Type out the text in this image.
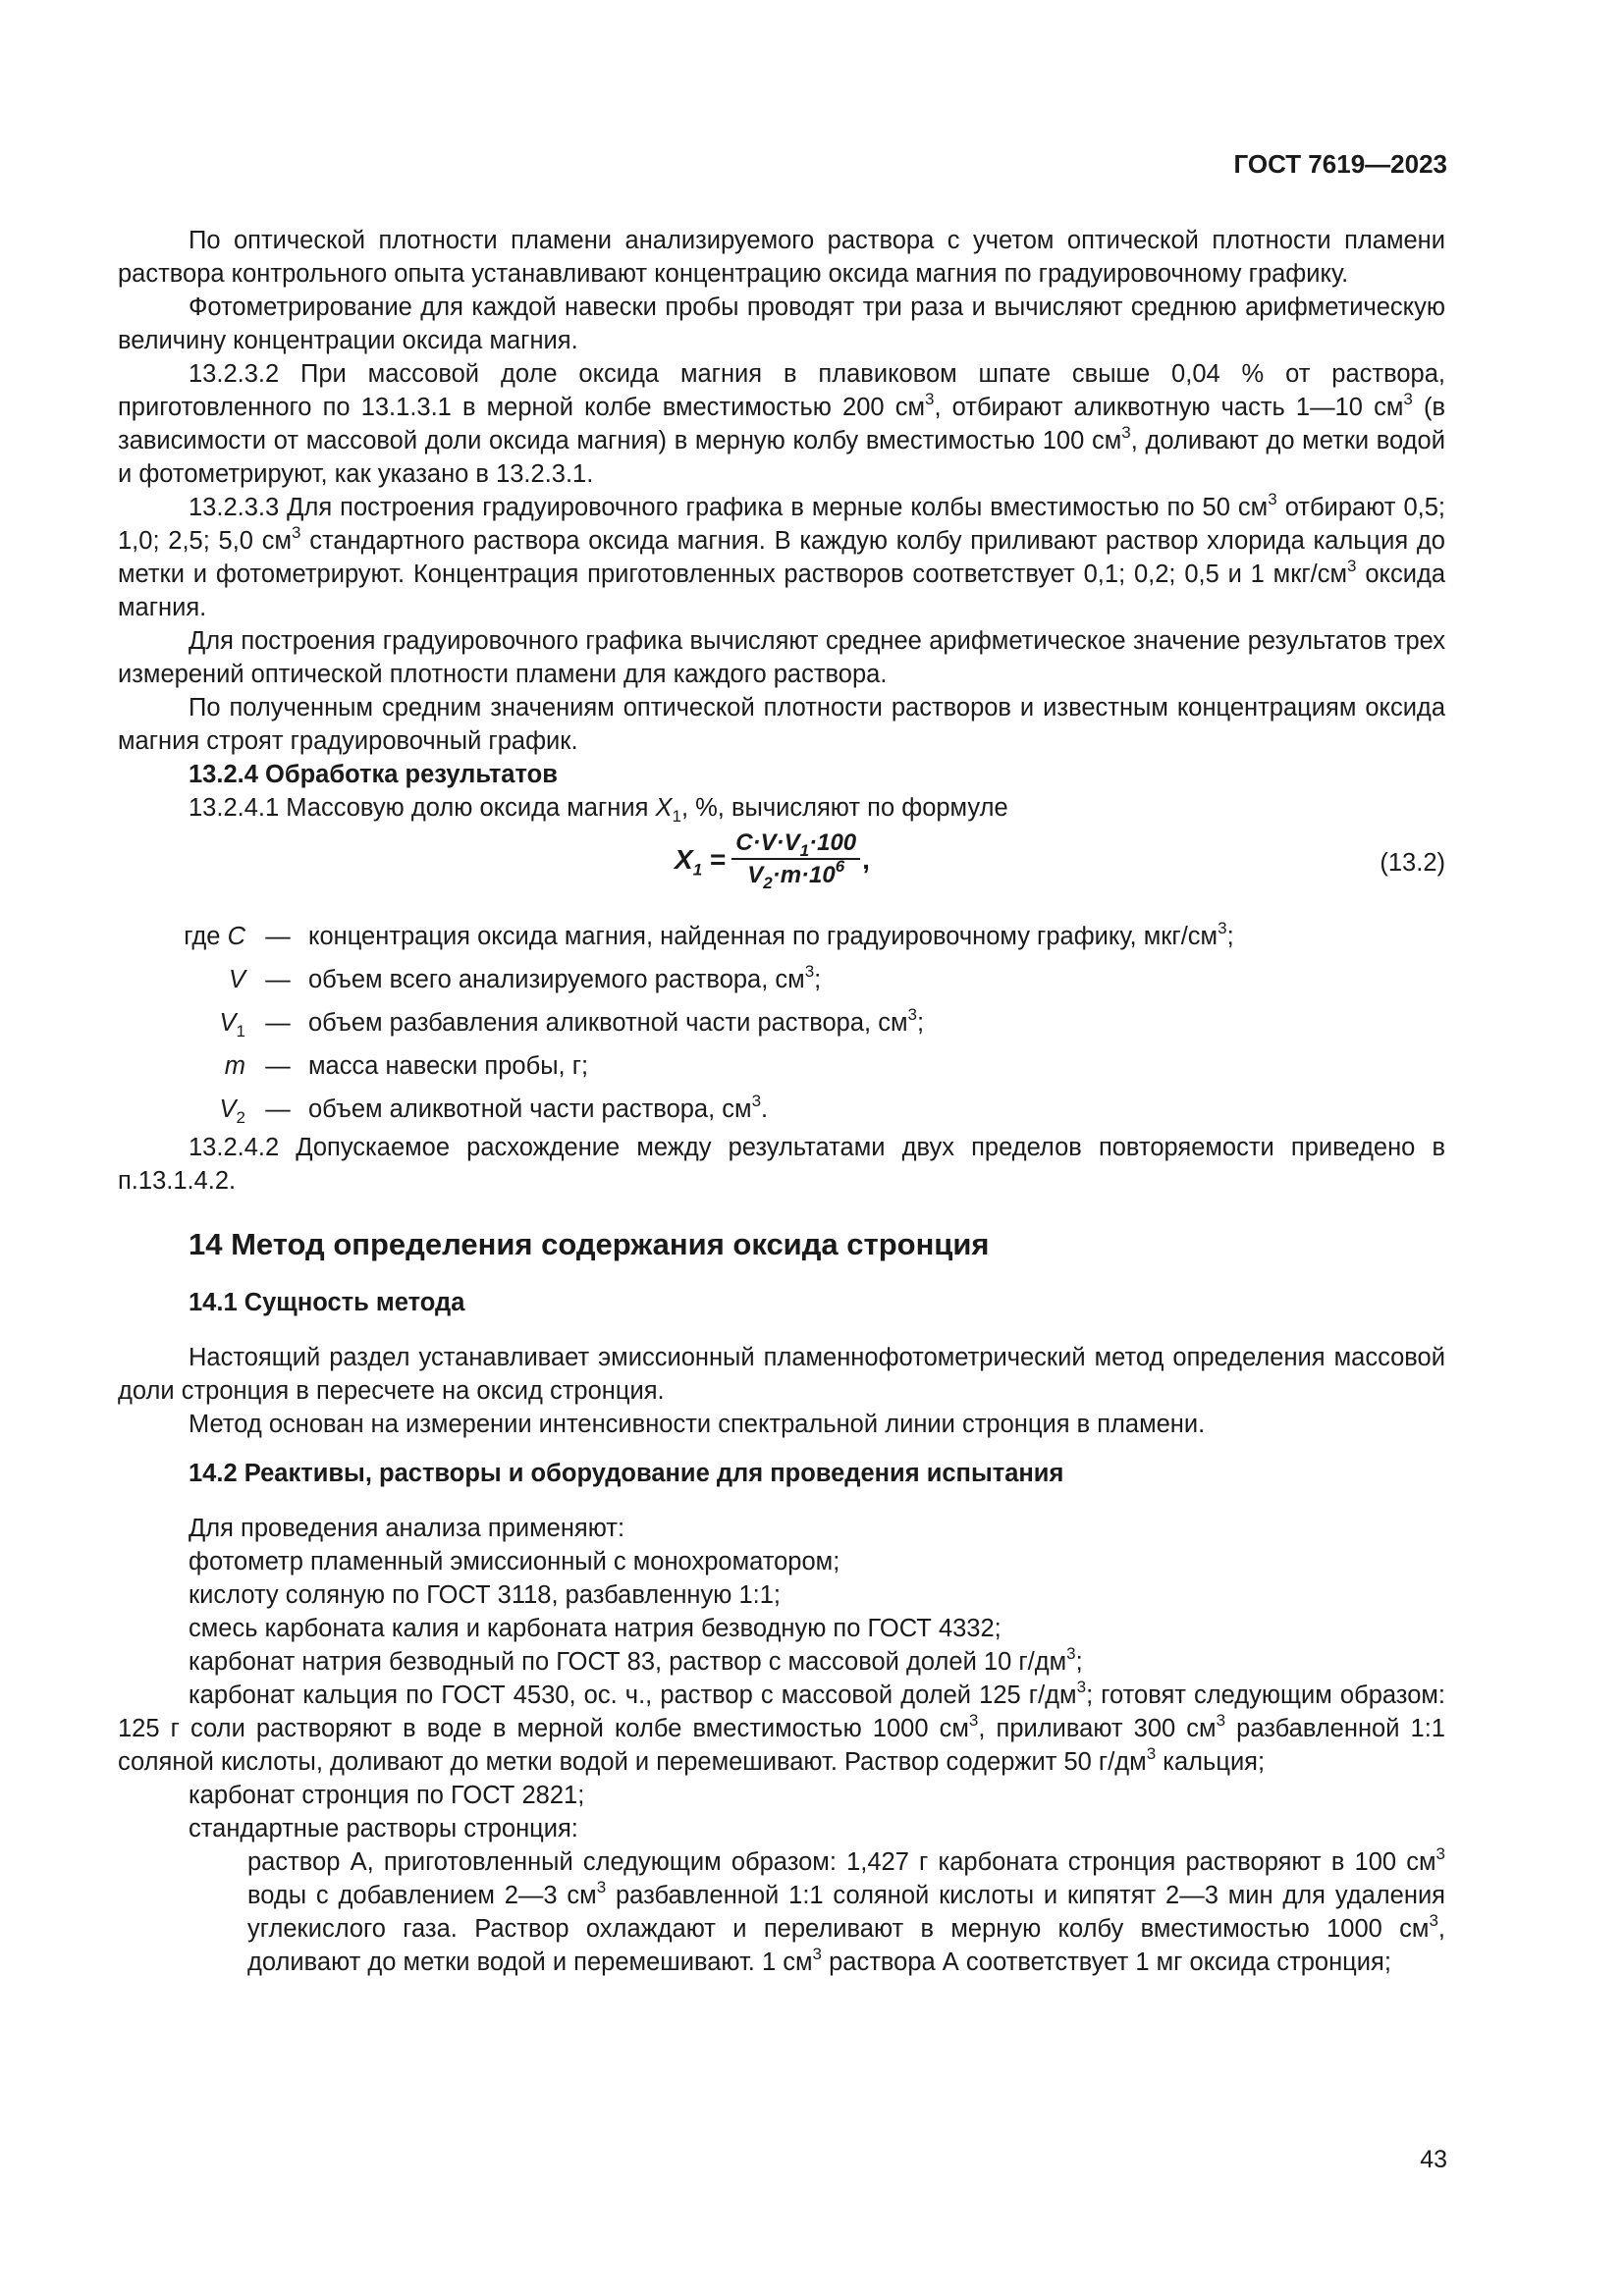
ГОСТ 7619—2023

По оптической плотности пламени анализируемого раствора с учетом оптической плотности пламени раствора контрольного опыта устанавливают концентрацию оксида магния по градуировочному графику.

Фотометрирование для каждой навески пробы проводят три раза и вычисляют среднюю арифметическую величину концентрации оксида магния.

13.2.3.2 При массовой доле оксида магния в плавиковом шпате свыше 0,04 % от раствора, приготовленного по 13.1.3.1 в мерной колбе вместимостью 200 $см^3$, отбирают аликвотную часть 1—10 $см^3$ (в зависимости от массовой доли оксида магния) в мерную колбу вместимостью 100 $см^3$, доливают до метки водой и фотометрируют, как указано в 13.2.3.1.

13.2.3.3 Для построения градуировочного графика в мерные колбы вместимостью по 50 $см^3$ отбирают 0,5; 1,0; 2,5; 5,0 $см^3$ стандартного раствора оксида магния. В каждую колбу приливают раствор хлорида кальция до метки и фотометрируют. Концентрация приготовленных растворов соответствует 0,1; 0,2; 0,5 и 1 мкг/$см^3$ оксида магния.

Для построения градуировочного графика вычисляют среднее арифметическое значение результатов трех измерений оптической плотности пламени для каждого раствора.

По полученным средним значениям оптической плотности растворов и известным концентрациям оксида магния строят градуировочный график.

13.2.4 Обработка результатов

13.2.4.1 Массовую долю оксида магния $X_1$, %, вычисляют по формуле

$X_1 = \frac{C\cdot V\cdot V_1\cdot 100}{V_2\cdot m\cdot 10^6}$ ,	(13.2)
где C — концентрация оксида магния, найденная по градуировочному графику, мкг/$см^3$;
V — объем всего анализируемого раствора, $см^3$;
$V_1$ — объем разбавления аликвотной части раствора, $см^3$;
m — масса навески пробы, г;
$V_2$ — объем аликвотной части раствора, $см^3$.

13.2.4.2 Допускаемое расхождение между результатами двух пределов повторяемости приведено в п.13.1.4.2.

14 Метод определения содержания оксида стронция
14.1 Сущность метода

Настоящий раздел устанавливает эмиссионный пламеннофотометрический метод определения массовой доли стронция в пересчете на оксид стронция.

Метод основан на измерении интенсивности спектральной линии стронция в пламени.

14.2 Реактивы, растворы и оборудование для проведения испытания

Для проведения анализа применяют:

фотометр пламенный эмиссионный с монохроматором;

кислоту соляную по ГОСТ 3118, разбавленную 1:1;

смесь карбоната калия и карбоната натрия безводную по ГОСТ 4332;

карбонат натрия безводный по ГОСТ 83, раствор с массовой долей 10 $г/дм^3$;

карбонат кальция по ГОСТ 4530, ос. ч., раствор с массовой долей 125 $г/дм^3$; готовят следующим образом: 125 г соли растворяют в воде в мерной колбе вместимостью 1000 $см^3$, приливают 300 $см^3$ разбавленной 1:1 соляной кислоты, доливают до метки водой и перемешивают. Раствор содержит 50 $г/дм^3$ кальция;

карбонат стронция по ГОСТ 2821;

стандартные растворы стронция:

раствор А, приготовленный следующим образом: 1,427 г карбоната стронция растворяют в 100 $см^3$ воды с добавлением 2—3 $см^3$ разбавленной 1:1 соляной кислоты и кипятят 2—3 мин для удаления углекислого газа. Раствор охлаждают и переливают в мерную колбу вместимостью 1000 $см^3$, доливают до метки водой и перемешивают. 1 $см^3$ раствора А соответствует 1 мг оксида стронция;

43
